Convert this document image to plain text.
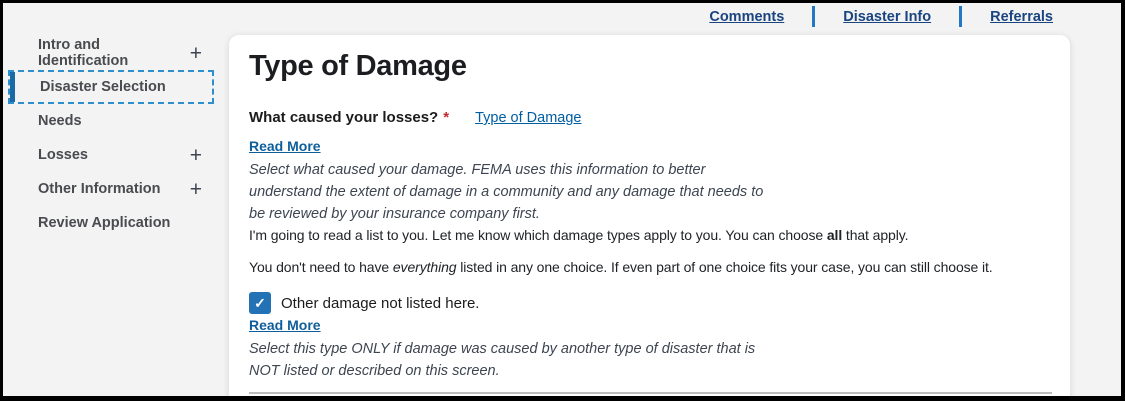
Comments	Disaster Info	Referrals
Intro and Identification	+
Disaster Selection
Needs
Losses	+
Other Information +
Review Application
Type of Damage
What caused your losses? * Type of Damage
Read More
Select what caused your damage. FEMA uses this information to better
understand the extent of damage in a community and any damage that needs to
be reviewed by your insurance company first.

I'm going to read a list to you. Let me know which damage types apply to you. You can choose all that apply.

You don't need to have everything listed in any one choice. If even part of one choice fits your case, you can still choose it.

✓ Other damage not listed here.
Read More
Select this type ONLY if damage was caused by another type of disaster that is
NOT listed or described on this screen.
